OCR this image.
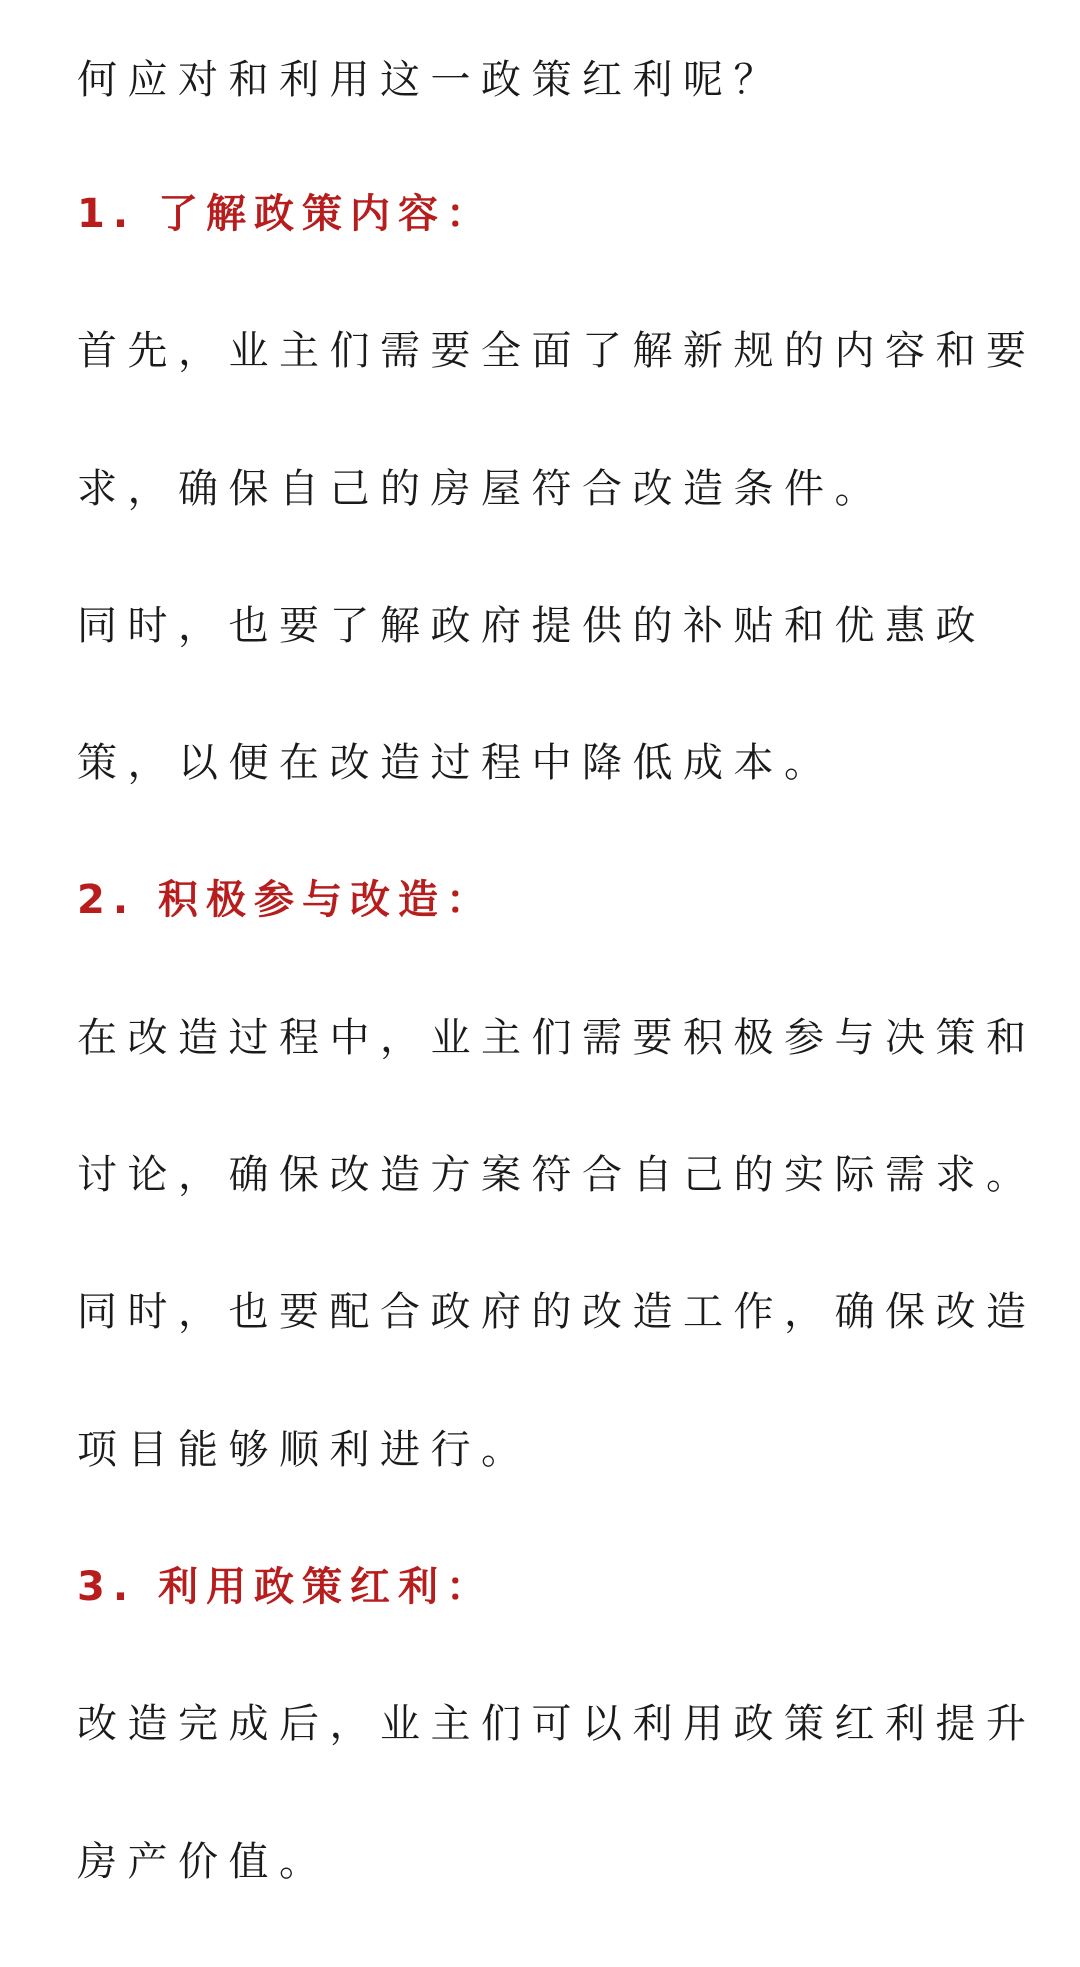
何应对和利用这一政策红利呢？
1. 了解政策内容：
首先，业主们需要全面了解新规的内容和要
求，确保自己的房屋符合改造条件。
同时，也要了解政府提供的补贴和优惠政
策，以便在改造过程中降低成本。
2. 积极参与改造：
在改造过程中，业主们需要积极参与决策和
讨论，确保改造方案符合自己的实际需求。
同时，也要配合政府的改造工作，确保改造
项目能够顺利进行。
3. 利用政策红利：
改造完成后，业主们可以利用政策红利提升
房产价值。
